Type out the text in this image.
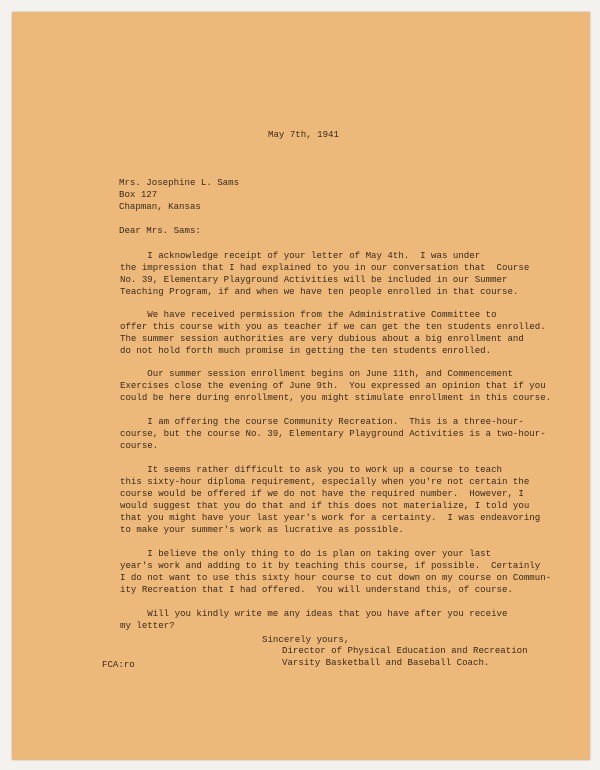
May 7th, 1941
Mrs. Josephine L. Sams
Box 127
Chapman, Kansas
Dear Mrs. Sams:
I acknowledge receipt of your letter of May 4th.  I was under
the impression that I had explained to you in our conversation that  Course
No. 39, Elementary Playground Activities will be included in our Summer
Teaching Program, if and when we have ten people enrolled in that course.
We have received permission from the Administrative Committee to
offer this course with you as teacher if we can get the ten students enrolled.
The summer session authorities are very dubious about a big enrollment and
do not hold forth much promise in getting the ten students enrolled.
Our summer session enrollment begins on June 11th, and Commencement
Exercises close the evening of June 9th.  You expressed an opinion that if you
could be here during enrollment, you might stimulate enrollment in this course.
I am offering the course Community Recreation.  This is a three-hour-
course, but the course No. 39, Elementary Playground Activities is a two-hour-
course.
It seems rather difficult to ask you to work up a course to teach
this sixty-hour diploma requirement, especially when you're not certain the
course would be offered if we do not have the required number.  However, I
would suggest that you do that and if this does not materialize, I told you
that you might have your last year's work for a certainty.  I was endeavoring
to make your summer's work as lucrative as possible.
I believe the only thing to do is plan on taking over your last
year's work and adding to it by teaching this course, if possible.  Certainly
I do not want to use this sixty hour course to cut down on my course on Commun-
ity Recreation that I had offered.  You will understand this, of course.
Will you kindly write me any ideas that you have after you receive
my letter?
Sincerely yours,
Director of Physical Education and Recreation
Varsity Basketball and Baseball Coach.
FCA:ro
